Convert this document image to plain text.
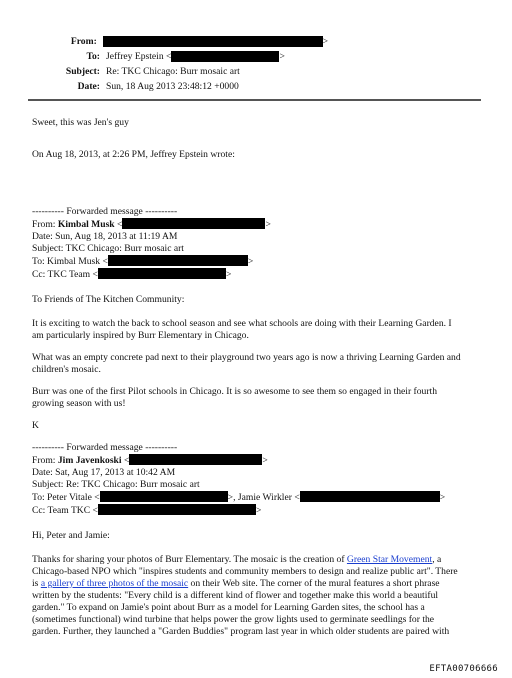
From:	>
To: Jeffrey Epstein <	>
Subject: Re: TKC Chicago: Burr mosaic art
Date: Sun, 18 Aug 2013 23:48:12 +0000
Sweet, this was Jen's guy
On Aug 18, 2013, at 2:26 PM, Jeffrey Epstein wrote:
---------- Forwarded message ----------
From: Kimbal Musk <	>
Date: Sun, Aug 18, 2013 at 11:19 AM
Subject: TKC Chicago: Burr mosaic art
To: Kimbal Musk <	>
Cc: TKC Team <	>
To Friends of The Kitchen Community:
It is exciting to watch the back to school season and see what schools are doing with their Learning Garden. I
am particularly inspired by Burr Elementary in Chicago.
What was an empty concrete pad next to their playground two years ago is now a thriving Learning Garden and
children's mosaic.
Burr was one of the first Pilot schools in Chicago. It is so awesome to see them so engaged in their fourth
growing season with us!
K
---------- Forwarded message ----------
From: Jim Javenkoski <	>
Date: Sat, Aug 17, 2013 at 10:42 AM
Subject: Re: TKC Chicago: Burr mosaic art
To: Peter Vitale <	>, Jamie Wirkler <	>
Cc: Team TKC <	>
Hi, Peter and Jamie:
Thanks for sharing your photos of Burr Elementary. The mosaic is the creation of Green Star Movement, a
Chicago-based NPO which "inspires students and community members to design and realize public art". There
is a gallery of three photos of the mosaic on their Web site. The corner of the mural features a short phrase
written by the students: "Every child is a different kind of flower and together make this world a beautiful
garden." To expand on Jamie's point about Burr as a model for Learning Garden sites, the school has a
(sometimes functional) wind turbine that helps power the grow lights used to germinate seedlings for the
garden. Further, they launched a "Garden Buddies" program last year in which older students are paired with
EFTA00706666
